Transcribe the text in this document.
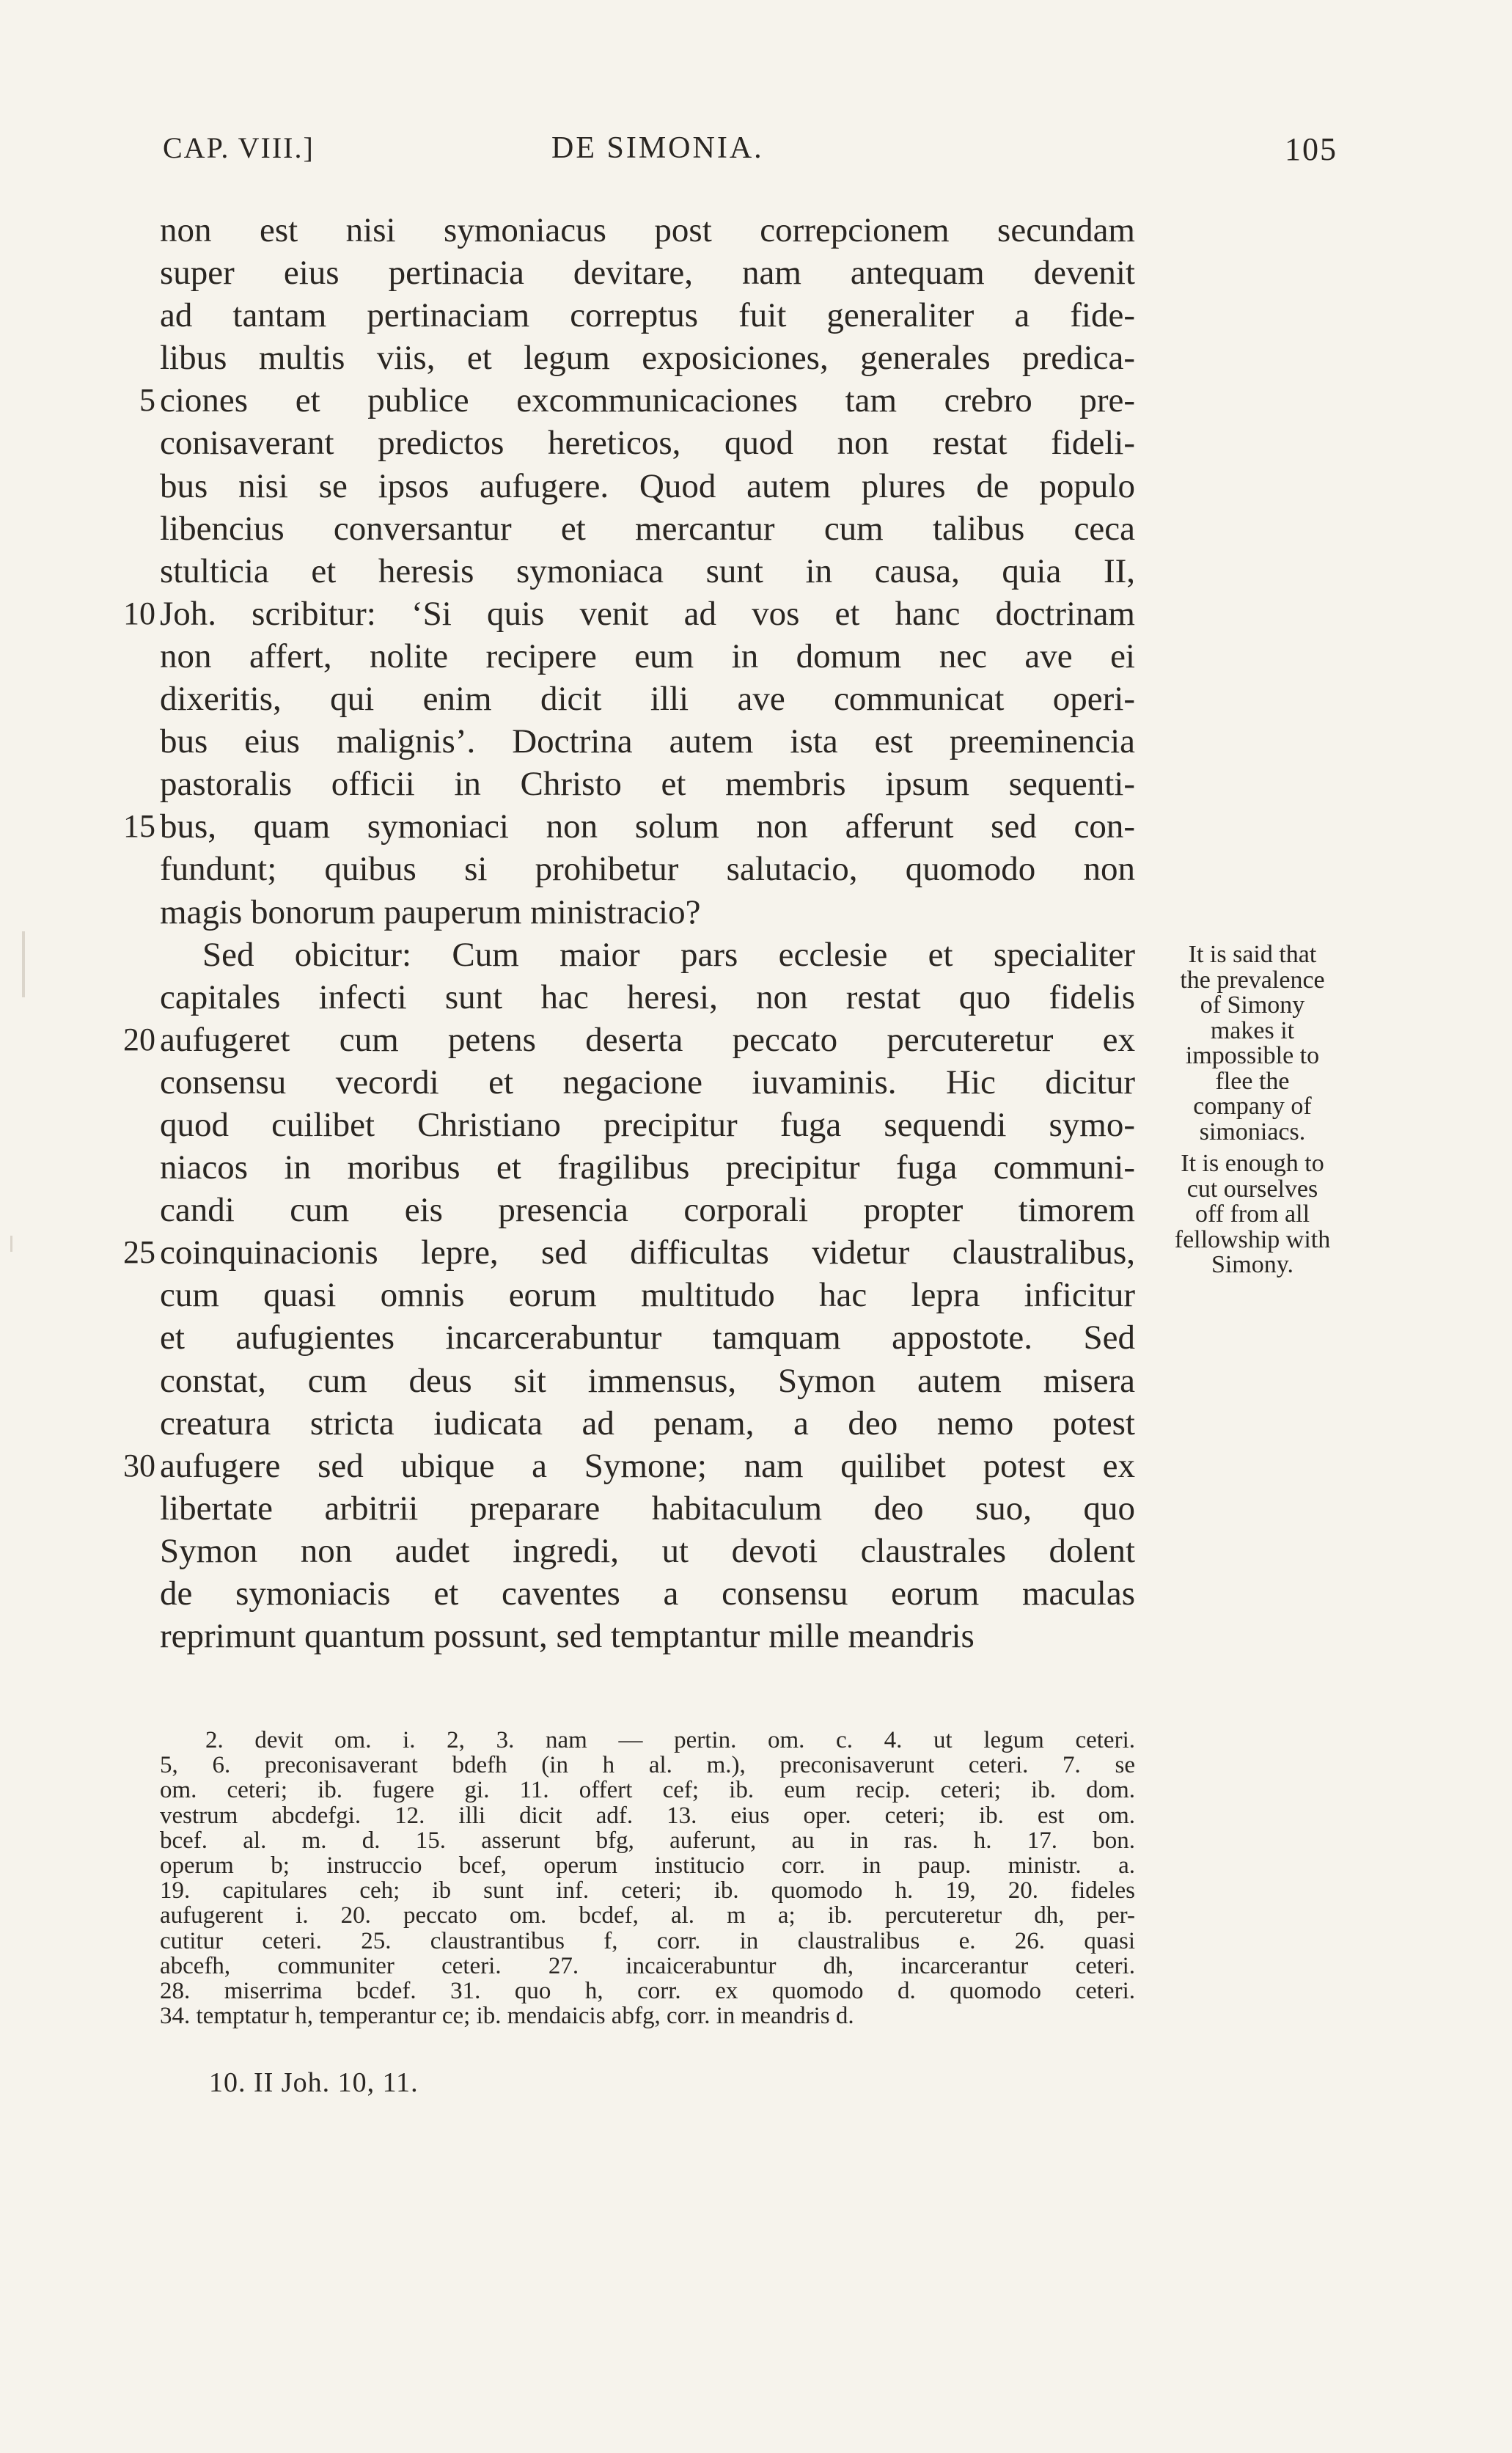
CAP. VIII.]	DE SIMONIA.	105
non est nisi symoniacus post correpcionem secundam
super eius pertinacia devitare, nam antequam devenit
ad tantam pertinaciam correptus fuit generaliter a fide-
libus multis viis, et legum exposiciones, generales predica-
5 ciones et publice excommunicaciones tam crebro pre-
conisaverant predictos hereticos, quod non restat fideli-
bus nisi se ipsos aufugere. Quod autem plures de populo
libencius conversantur et mercantur cum talibus ceca
stulticia et heresis symoniaca sunt in causa, quia II,
10 Joh. scribitur: ‘Si quis venit ad vos et hanc doctrinam
non affert, nolite recipere eum in domum nec ave ei
dixeritis, qui enim dicit illi ave communicat operi-
bus eius malignis’. Doctrina autem ista est preeminencia
pastoralis officii in Christo et membris ipsum sequenti-
15 bus, quam symoniaci non solum non afferunt sed con-
fundunt; quibus si prohibetur salutacio, quomodo non
magis bonorum pauperum ministracio?
Sed obicitur: Cum maior pars ecclesie et specialiter
capitales infecti sunt hac heresi, non restat quo fidelis
20 aufugeret cum petens deserta peccato percuteretur ex
consensu vecordi et negacione iuvaminis. Hic dicitur
quod cuilibet Christiano precipitur fuga sequendi symo-
niacos in moribus et fragilibus precipitur fuga communi-
candi cum eis presencia corporali propter timorem
25 coinquinacionis lepre, sed difficultas videtur claustralibus,
cum quasi omnis eorum multitudo hac lepra inficitur
et aufugientes incarcerabuntur tamquam appostote. Sed
constat, cum deus sit immensus, Symon autem misera
creatura stricta iudicata ad penam, a deo nemo potest
30 aufugere sed ubique a Symone; nam quilibet potest ex
libertate arbitrii preparare habitaculum deo suo, quo
Symon non audet ingredi, ut devoti claustrales dolent
de symoniacis et caventes a consensu eorum maculas
reprimunt quantum possunt, sed temptantur mille meandris
It is said that
the prevalence
of Simony
makes it
impossible to
flee the
company of
simoniacs.
It is enough to
cut ourselves
off from all
fellowship with
Simony.
2. devit om. i. 2, 3. nam — pertin. om. c. 4. ut legum ceteri.
5, 6. preconisaverant bdefh (in h al. m.), preconisaverunt ceteri. 7. se
om. ceteri; ib. fugere gi. 11. offert cef; ib. eum recip. ceteri; ib. dom.
vestrum abcdefgi. 12. illi dicit adf. 13. eius oper. ceteri; ib. est om.
bcef. al. m. d. 15. asserunt bfg, auferunt, au in ras. h. 17. bon.
operum b; instruccio bcef, operum institucio corr. in paup. ministr. a.
19. capitulares ceh; ib sunt inf. ceteri; ib. quomodo h. 19, 20. fideles
aufugerent i. 20. peccato om. bcdef, al. m a; ib. percuteretur dh, per-
cutitur ceteri. 25. claustrantibus f, corr. in claustralibus e. 26. quasi
abcefh, communiter ceteri. 27. incaicerabuntur dh, incarcerantur ceteri.
28. miserrima bcdef. 31. quo h, corr. ex quomodo d. quomodo ceteri.
34. temptatur h, temperantur ce; ib. mendaicis abfg, corr. in meandris d.
10. II Joh. 10, 11.
